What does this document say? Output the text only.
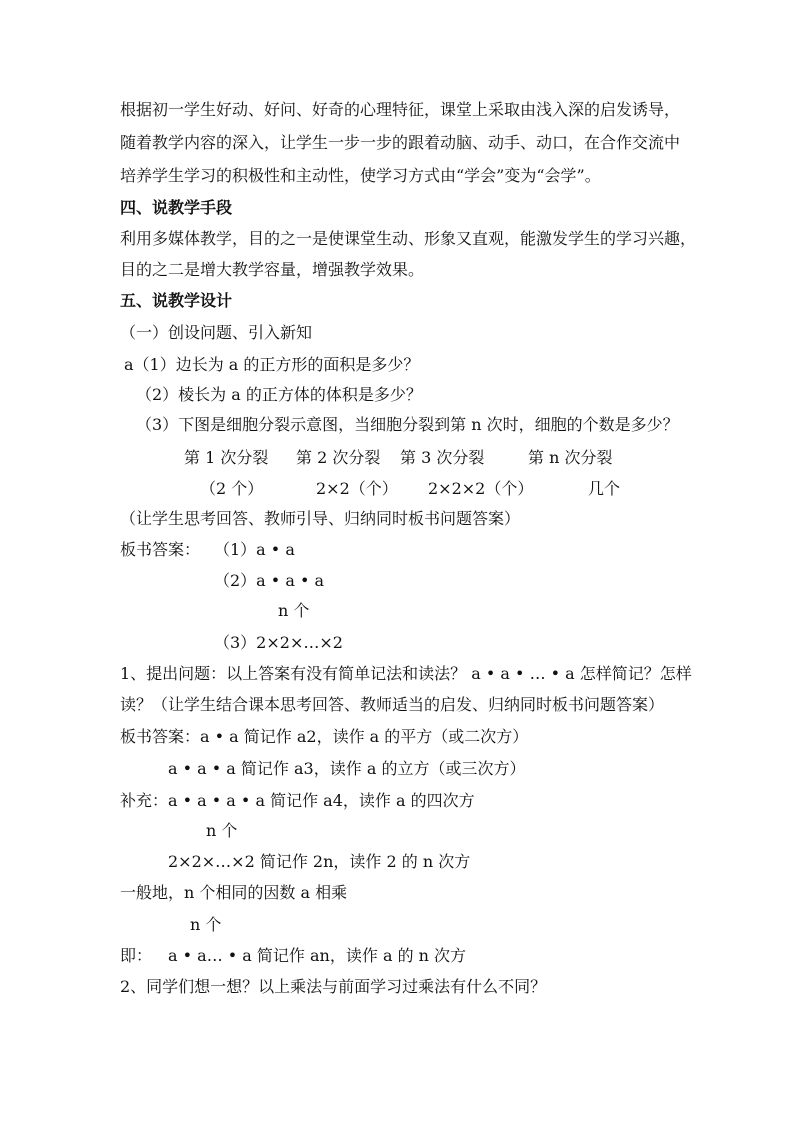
根据初一学生好动、好问、好奇的心理特征，课堂上采取由浅入深的启发诱导，
随着教学内容的深入，让学生一步一步的跟着动脑、动手、动口，在合作交流中
培养学生学习的积极性和主动性，使学习方式由“学会”变为“会学”。
四、说教学手段
利用多媒体教学，目的之一是使课堂生动、形象又直观，能激发学生的学习兴趣，
目的之二是增大教学容量，增强教学效果。
五、说教学设计
（一）创设问题、引入新知
a（1）边长为 a 的正方形的面积是多少？
（2）棱长为 a 的正方体的体积是多少？
（3）下图是细胞分裂示意图，当细胞分裂到第 n 次时，细胞的个数是多少？
第 1 次分裂 第 2 次分裂 第 3 次分裂	第 n 次分裂
（2 个）	2×2（个） 2×2×2（个）	几个
（让学生思考回答、教师引导、归纳同时板书问题答案）
板书答案： （1）a • a
（2）a • a • a
n 个
（3）2×2×…×2
1、提出问题：以上答案有没有简单记法和读法？ a • a • … • a 怎样简记？怎样
读？（让学生结合课本思考回答、教师适当的启发、归纳同时板书问题答案）
板书答案：a • a 简记作 a2，读作 a 的平方（或二次方）
a • a • a 简记作 a3，读作 a 的立方（或三次方）
补充：a • a • a • a 简记作 a4，读作 a 的四次方
n 个
2×2×…×2 简记作 2n，读作 2 的 n 次方
一般地，n 个相同的因数 a 相乘
n 个
即： a • a… • a 简记作 an，读作 a 的 n 次方
2、同学们想一想？以上乘法与前面学习过乘法有什么不同？
